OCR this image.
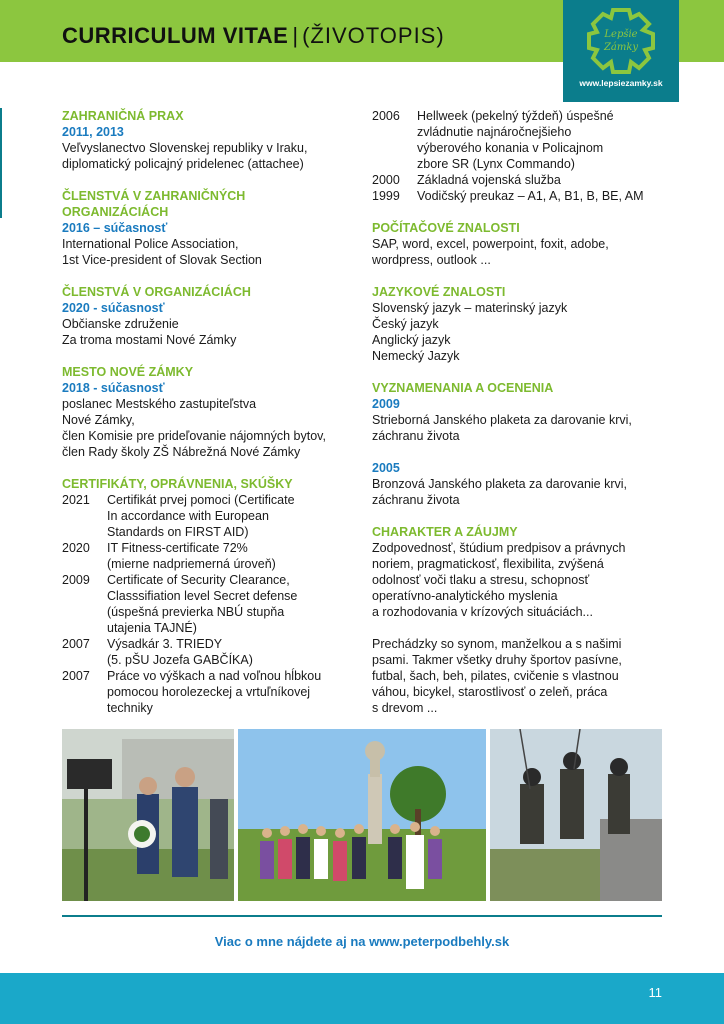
CURRICULUM VITAE | (ŽIVOTOPIS)	Lepšie
Zámky
www.lepsiezamky.sk
ZAHRANIČNÁ PRAX
2011, 2013
Veľvyslanectvo Slovenskej republiky v Iraku,
diplomatický policajný pridelenec (attachee)
ČLENSTVÁ V ZAHRANIČNÝCH ORGANIZÁCIÁCH
2016 – súčasnosť
International Police Association,
1st Vice-president of Slovak Section
ČLENSTVÁ V ORGANIZÁCIÁCH
2020 - súčasnosť
Občianske združenie
Za troma mostami Nové Zámky
MESTO NOVÉ ZÁMKY
2018 - súčasnosť
poslanec Mestského zastupiteľstva
Nové Zámky,
člen Komisie pre prideľovanie nájomných bytov,
člen Rady školy ZŠ Nábrežná Nové Zámky
CERTIFIKÁTY, OPRÁVNENIA, SKÚŠKY
2021	Certifikát prvej pomoci (Certificate
In accordance with European
Standards on FIRST AID)
2020	IT Fitness-certificate 72%
(mierne nadpriemerná úroveň)
2009	Certificate of Security Clearance,
Classsifiation level Secret defense
(úspešná previerka NBÚ stupňa
utajenia TAJNÉ)
2007	Výsadkár 3. TRIEDY
(5. pŠU Jozefa GABČÍKA)
2007	Práce vo výškach a nad voľnou hĺbkou
pomocou horolezeckej a vrtuľníkovej
techniky
2006	Hellweek (pekelný týždeň) úspešné
zvládnutie najnáročnejšieho
výberového konania v Policajnom
zbore SR (Lynx Commando)
2000	Základná vojenská služba
1999	Vodičský preukaz – A1, A, B1, B, BE, AM
POČÍTAČOVÉ ZNALOSTI
SAP, word, excel, powerpoint, foxit, adobe,
wordpress, outlook ...
JAZYKOVÉ ZNALOSTI
Slovenský jazyk – materinský jazyk
Český jazyk
Anglický jazyk
Nemecký Jazyk
VYZNAMENANIA A OCENENIA
2009
Strieborná Janského plaketa za darovanie krvi,
záchranu života
2005
Bronzová Janského plaketa za darovanie krvi,
záchranu života
CHARAKTER A ZÁUJMY
Zodpovednosť, štúdium predpisov a právnych
noriem, pragmatickosť, flexibilita, zvýšená
odolnosť voči tlaku a stresu, schopnosť
operatívno-analytického myslenia
a rozhodovania v krízových situáciách...
Prechádzky so synom, manželkou a s našimi
psami. Takmer všetky druhy športov pasívne,
futbal, šach, beh, pilates, cvičenie s vlastnou
váhou, bicykel, starostlivosť o zeleň, práca
s drevom ...
Viac o mne nájdete aj na www.peterpodbehly.sk
11
